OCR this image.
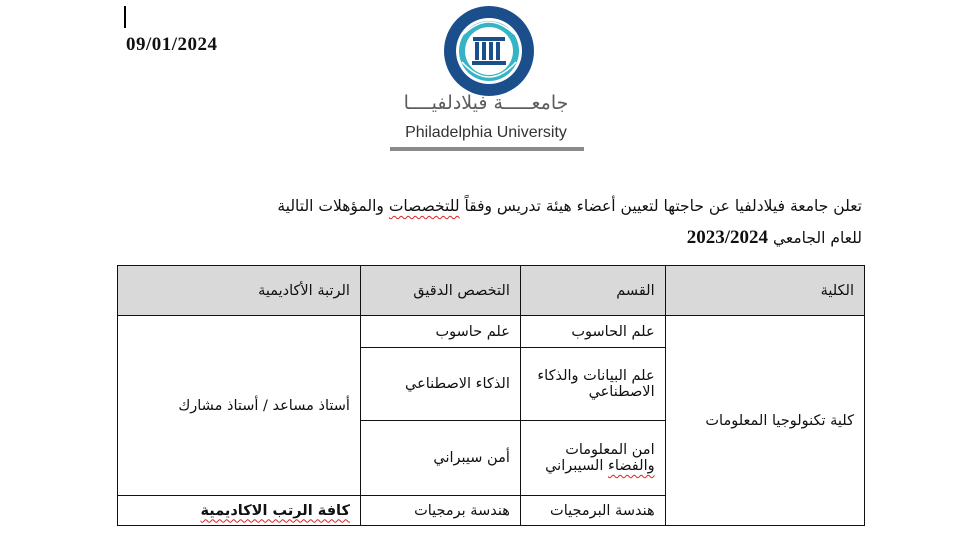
09/01/2024
جامعـــــة فيلادلفيــــا
Philadelphia University
تعلن جامعة فيلادلفيا عن حاجتها لتعيين أعضاء هيئة تدريس وفقاً للتخصصات والمؤهلات التالية
للعام الجامعي 2023/2024
الكلية	القسم	التخصص الدقيق	الرتبة الأكاديمية
كلية تكنولوجيا المعلومات	علم الحاسوب	علم حاسوب	أستاذ مساعد / أستاذ مشارك
	علم البيانات والذكاء الاصطناعي	الذكاء الاصطناعي	
	امن المعلومات والفضاء السيبراني	أمن سيبراني	
	هندسة البرمجيات	هندسة برمجيات	كافة الرتب الاكاديمية
